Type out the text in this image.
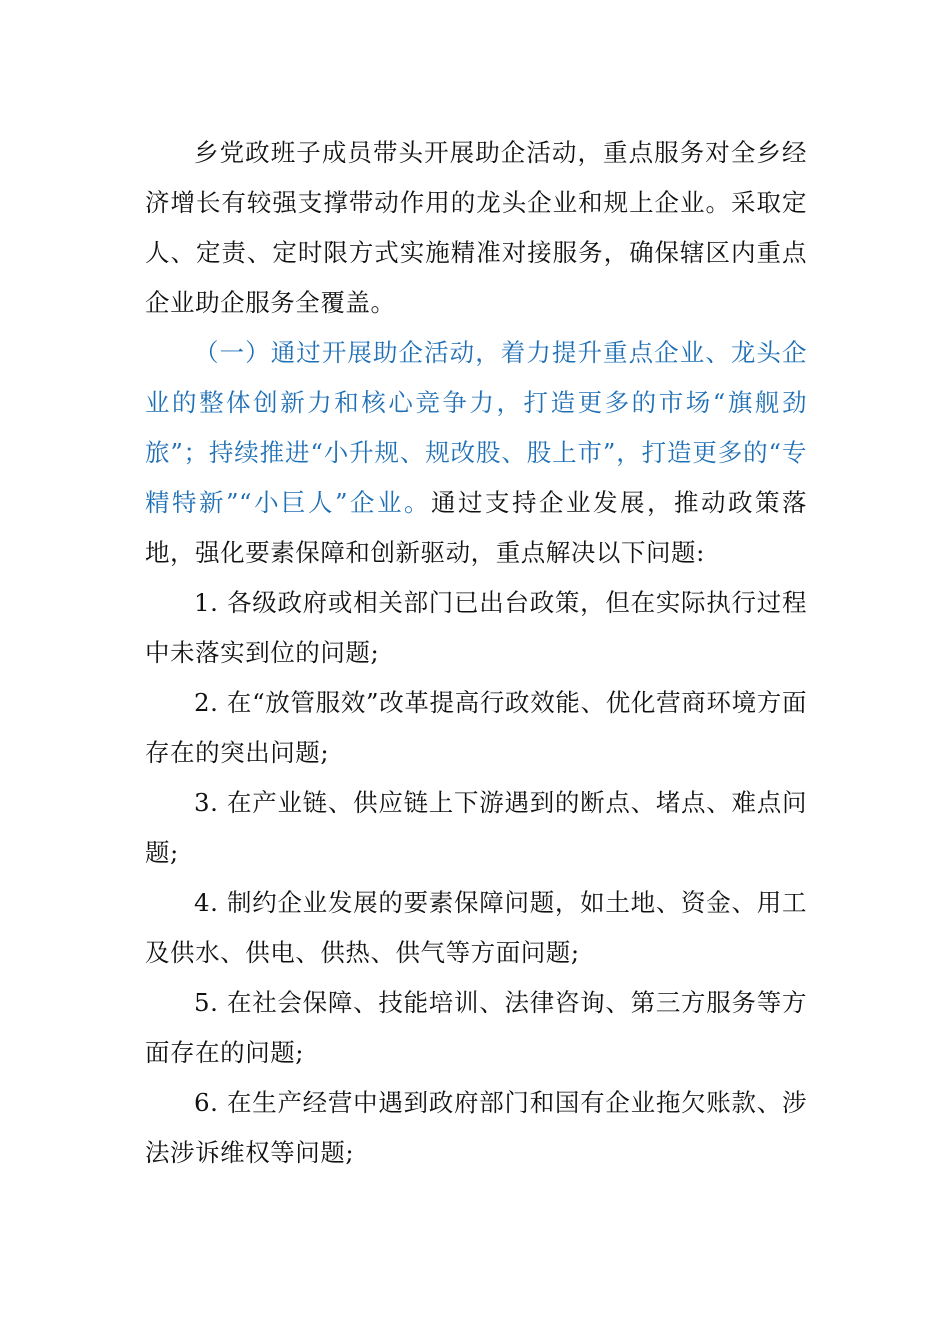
乡党政班子成员带头开展助企活动，重点服务对全乡经济增长有较强支撑带动作用的龙头企业和规上企业。采取定人、定责、定时限方式实施精准对接服务，确保辖区内重点企业助企服务全覆盖。

（一）通过开展助企活动，着力提升重点企业、龙头企业的整体创新力和核心竞争力，打造更多的市场“旗舰劲旅”；持续推进“小升规、规改股、股上市”，打造更多的“专精特新”“小巨人”企业。通过支持企业发展，推动政策落地，强化要素保障和创新驱动，重点解决以下问题:

1. 各级政府或相关部门已出台政策，但在实际执行过程中未落实到位的问题;

2. 在“放管服效”改革提高行政效能、优化营商环境方面存在的突出问题;

3. 在产业链、供应链上下游遇到的断点、堵点、难点问题;

4. 制约企业发展的要素保障问题，如土地、资金、用工及供水、供电、供热、供气等方面问题;

5. 在社会保障、技能培训、法律咨询、第三方服务等方面存在的问题;

6. 在生产经营中遇到政府部门和国有企业拖欠账款、涉法涉诉维权等问题;
